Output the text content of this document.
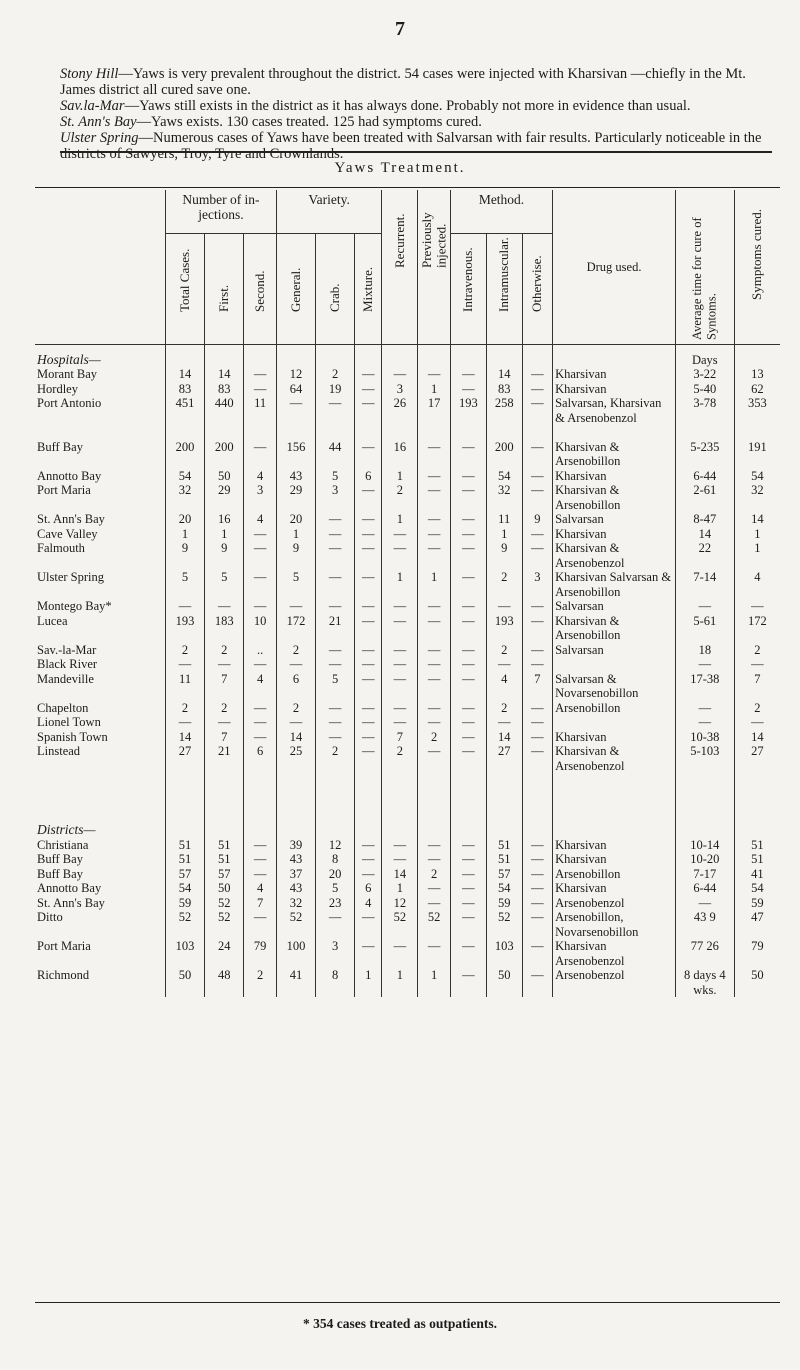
7

Stony Hill—Yaws is very prevalent throughout the district. 54 cases were injected with Kharsivan —chiefly in the Mt. James district all cured save one.

Sav.la-Mar—Yaws still exists in the district as it has always done. Probably not more in evidence than usual.

St. Ann's Bay—Yaws exists. 130 cases treated. 125 had symptoms cured.

Ulster Spring—Numerous cases of Yaws have been treated with Salvarsan with fair results. Particularly noticeable in the districts of Sawyers, Troy, Tyre and Crownlands.

Yaws Treatment.
	Number of in-jections.			Variety.			Recurrent.	Previously injected.	Method.			Drug used.	Average time for cure of Syntoms.	Symptoms cured.
	Total Cases.	First.	Second.	General.	Crab.	Mixture.			Intravenous.	Intramuscular.	Otherwise.			

Hospitals—													Days	
Morant Bay	14	14	—	12	2	—	—	—	—	14	—	Kharsivan	3-22	13
Hordley	83	83	—	64	19	—	3	1	—	83	—	Kharsivan	5-40	62
Port Antonio	451	440	11	—	—	—	26	17	193	258	—	Salvarsan, Kharsivan & Arsenobenzol	3-78	353
Buff Bay	200	200	—	156	44	—	16	—	—	200	—	Kharsivan & Arsenobillon	5-235	191
Annotto Bay	54	50	4	43	5	6	1	—	—	54	—	Kharsivan	6-44	54
Port Maria	32	29	3	29	3	—	2	—	—	32	—	Kharsivan & Arsenobillon	2-61	32
St. Ann's Bay	20	16	4	20	—	—	1	—	—	11	9	Salvarsan	8-47	14
Cave Valley	1	1	—	1	—	—	—	—	—	1	—	Kharsivan	14	1
Falmouth	9	9	—	9	—	—	—	—	—	9	—	Kharsivan & Arsenobenzol	22	1
Ulster Spring	5	5	—	5	—	—	1	1	—	2	3	Kharsivan Salvarsan & Arsenobillon	7-14	4
Montego Bay*	—	—	—	—	—	—	—	—	—	—	—	Salvarsan	—	—
Lucea	193	183	10	172	21	—	—	—	—	193	—	Kharsivan & Arsenobillon	5-61	172
Sav.-la-Mar	2	2	..	2	—	—	—	—	—	2	—	Salvarsan	18	2
Black River	—	—	—	—	—	—	—	—	—	—	—		—	—
Mandeville	11	7	4	6	5	—	—	—	—	4	7	Salvarsan & Novarsenobillon	17-38	7
Chapelton	2	2	—	2	—	—	—	—	—	2	—	Arsenobillon	—	2
Lionel Town	—	—	—	—	—	—	—	—	—	—	—		—	—
Spanish Town	14	7	—	14	—	—	7	2	—	14	—	Kharsivan	10-38	14
Linstead	27	21	6	25	2	—	2	—	—	27	—	Kharsivan & Arsenobenzol	5-103	27

Districts—														
Christiana	51	51	—	39	12	—	—	—	—	51	—	Kharsivan	10-14	51
Buff Bay	51	51	—	43	8	—	—	—	—	51	—	Kharsivan	10-20	51
Buff Bay	57	57	—	37	20	—	14	2	—	57	—	Arsenobillon	7-17	41
Annotto Bay	54	50	4	43	5	6	1	—	—	54	—	Kharsivan	6-44	54
St. Ann's Bay	59	52	7	32	23	4	12	—	—	59	—	Arsenobenzol	—	59
Ditto	52	52	—	52	—	—	52	52	—	52	—	Arsenobillon, Novarsenobillon	43 9	47
Port Maria	103	24	79	100	3	—	—	—	—	103	—	Kharsivan Arsenobenzol	77 26	79
Richmond	50	48	2	41	8	1	1	1	—	50	—	Arsenobenzol	8 days 4 wks.	50
* 354 cases treated as outpatients.
